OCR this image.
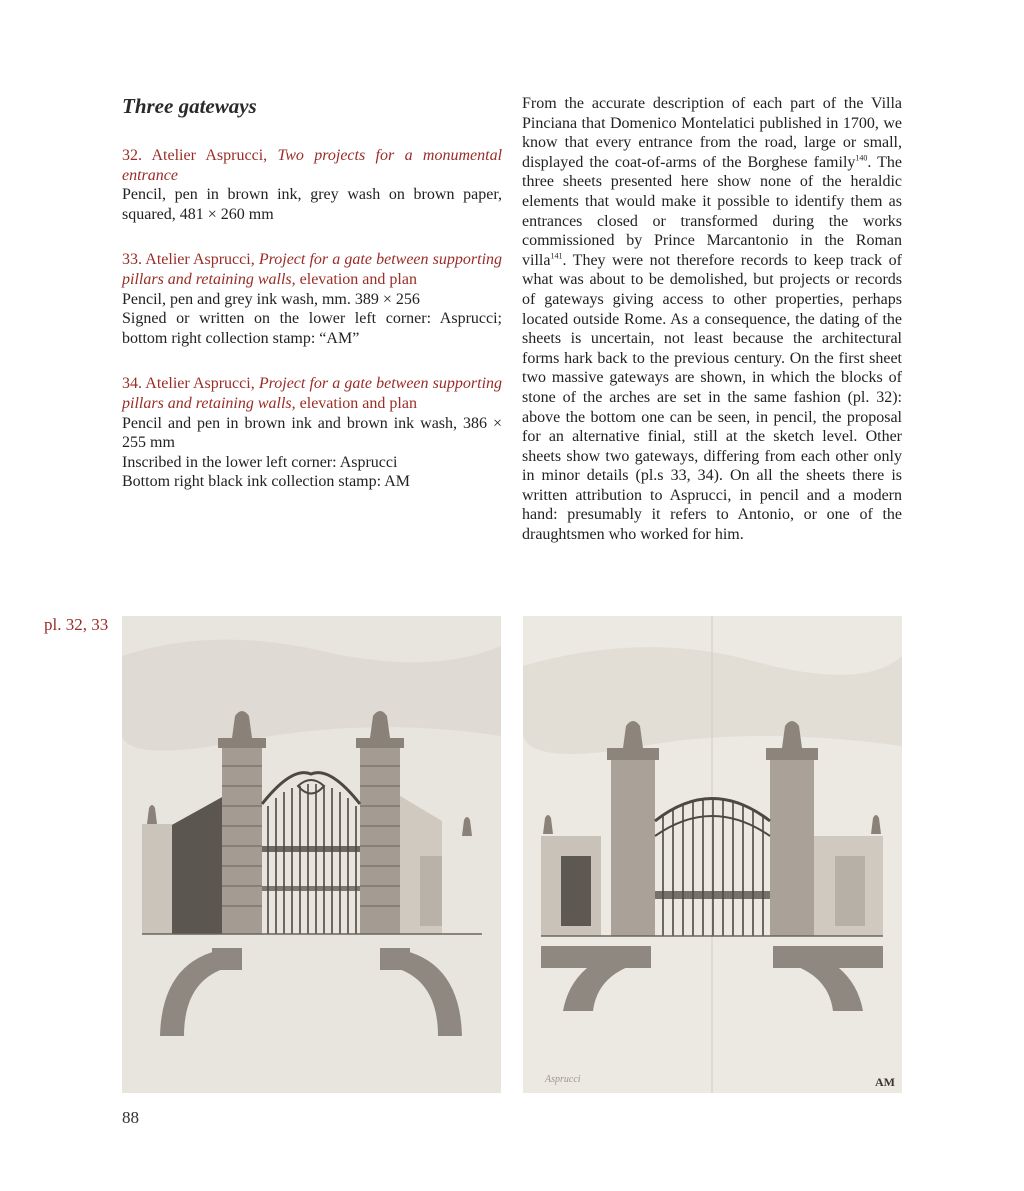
Three gateways

32. Atelier Asprucci, Two projects for a monumental entrance

Pencil, pen in brown ink, grey wash on brown paper, squared, 481 × 260 mm

33. Atelier Asprucci, Project for a gate between supporting pillars and retaining walls, elevation and plan

Pencil, pen and grey ink wash, mm. 389 × 256

Signed or written on the lower left corner: Asprucci; bottom right collection stamp: “AM”

34. Atelier Asprucci, Project for a gate between supporting pillars and retaining walls, elevation and plan

Pencil and pen in brown ink and brown ink wash, 386 × 255 mm

Inscribed in the lower left corner: Asprucci

Bottom right black ink collection stamp: AM

From the accurate description of each part of the Villa Pinciana that Domenico Montelatici published in 1700, we know that every entrance from the road, large or small, displayed the coat-of-arms of the Borghese family$^{140}$. The three sheets presented here show none of the heraldic elements that would make it possible to identify them as entrances closed or transformed during the works commissioned by Prince Marcantonio in the Roman villa$^{141}$. They were not therefore records to keep track of what was about to be demolished, but projects or records of gateways giving access to other properties, perhaps located outside Rome. As a consequence, the dating of the sheets is uncertain, not least because the architectural forms hark back to the previous century. On the first sheet two massive gateways are shown, in which the blocks of stone of the arches are set in the same fashion (pl. 32): above the bottom one can be seen, in pencil, the proposal for an alternative finial, still at the sketch level. Other sheets show two gateways, differing from each other only in minor details (pl.s 33, 34). On all the sheets there is written attribution to Asprucci, in pencil and a modern hand: presumably it refers to Antonio, or one of the draughtsmen who worked for him.

pl. 32, 33
Asprucci	AM
88
